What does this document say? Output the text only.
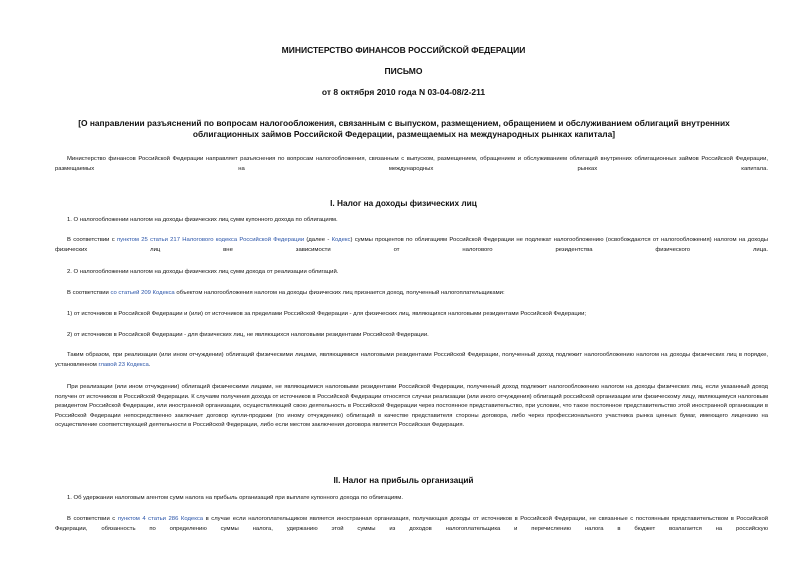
МИНИСТЕРСТВО ФИНАНСОВ РОССИЙСКОЙ ФЕДЕРАЦИИ
ПИСЬМО
от 8 октября 2010 года N 03-04-08/2-211
[О направлении разъяснений по вопросам налогообложения, связанным с выпуском, размещением, обращением и обслуживанием облигаций внутренних облигационных займов Российской Федерации, размещаемых на международных рынках капитала]

Министерство финансов Российской Федерации направляет разъяснения по вопросам налогообложения, связанным с выпуском, размещением, обращением и обслуживанием облигаций внутренних облигационных займов Российской Федерации, размещаемых на международных рынках капитала.

I. Налог на доходы физических лиц

1. О налогообложении налогом на доходы физических лиц сумм купонного дохода по облигациям.

В соответствии с пунктом 25 статьи 217 Налогового кодекса Российской Федерации (далее - Кодекс) суммы процентов по облигациям Российской Федерации не подлежат налогообложению (освобождаются от налогообложения) налогом на доходы физических лиц вне зависимости от налогового резидентства физического лица.

2. О налогообложении налогом на доходы физических лиц сумм дохода от реализации облигаций.

В соответствии со статьей 209 Кодекса объектом налогообложения налогом на доходы физических лиц признается доход, полученный налогоплательщиками:

1) от источников в Российской Федерации и (или) от источников за пределами Российской Федерации - для физических лиц, являющихся налоговыми резидентами Российской Федерации;

2) от источников в Российской Федерации - для физических лиц, не являющихся налоговыми резидентами Российской Федерации.

Таким образом, при реализации (или ином отчуждении) облигаций физическими лицами, являющимися налоговыми резидентами Российской Федерации, полученный доход подлежит налогообложению налогом на доходы физических лиц в порядке, установленном главой 23 Кодекса.

При реализации (или ином отчуждении) облигаций физическими лицами, не являющимися налоговыми резидентами Российской Федерации, полученный доход подлежит налогообложению налогом на доходы физических лиц, если указанный доход получен от источников в Российской Федерации. К случаям получения дохода от источников в Российской Федерации относятся случаи реализации (или иного отчуждения) облигаций российской организации или физическому лицу, являющемуся налоговым резидентом Российской Федерации, или иностранной организации, осуществляющей свою деятельность в Российской Федерации через постоянное представительство, при условии, что такое постоянное представительство этой иностранной организации в Российской Федерации непосредственно заключает договор купли-продажи (по иному отчуждению) облигаций в качестве представителя стороны договора, либо через профессионального участника рынка ценных бумаг, имеющего лицензию на осуществление соответствующей деятельности в Российской Федерации, либо если местом заключения договора является Российская Федерация.

II. Налог на прибыль организаций

1. Об удержании налоговым агентом сумм налога на прибыль организаций при выплате купонного дохода по облигациям.

В соответствии с пунктом 4 статьи 286 Кодекса в случае если налогоплательщиком является иностранная организация, получающая доходы от источников в Российской Федерации, не связанные с постоянным представительством в Российской Федерации, обязанность по определению суммы налога, удержанию этой суммы из доходов налогоплательщика и перечислению налога в бюджет возлагается на российскую
